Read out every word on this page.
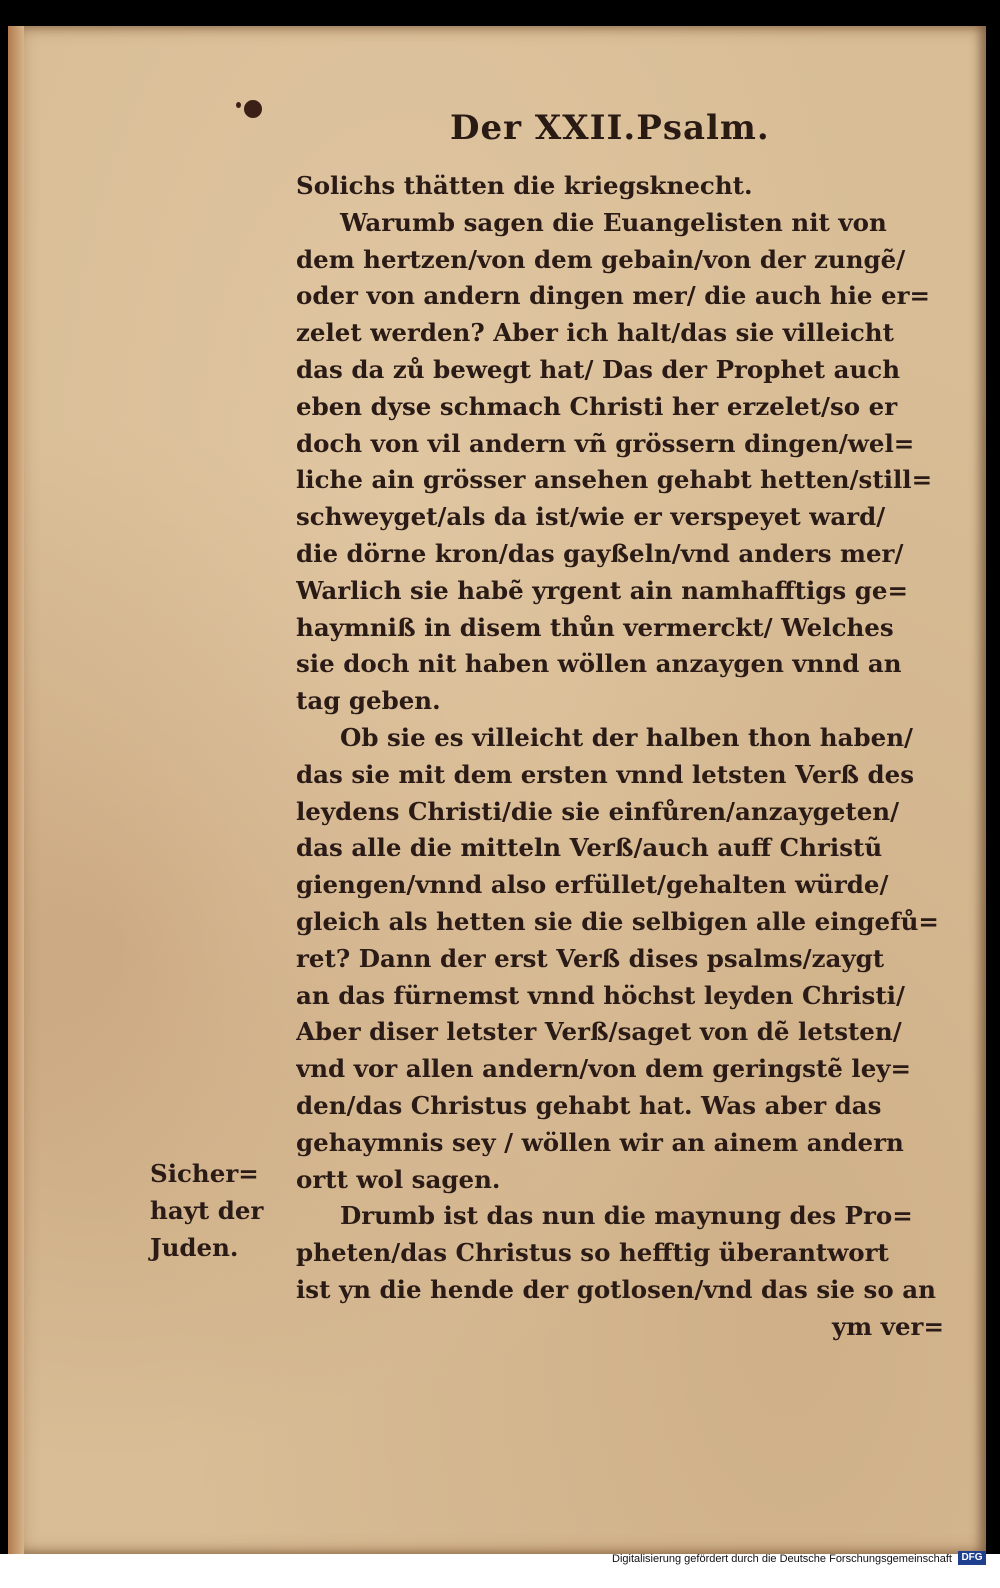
Der XXII.Psalm.
Solichs thätten die kriegsknecht.
Warumb sagen die Euangelisten nit von
dem hertzen/von dem gebain/von der zungẽ/
oder von andern dingen mer/ die auch hie er=
zelet werden? Aber ich halt/das sie villeicht
das da zů bewegt hat/ Das der Prophet auch
eben dyse schmach Christi her erzelet/so er
doch von vil andern vñ grössern dingen/wel=
liche ain grösser ansehen gehabt hetten/still=
schweyget/als da ist/wie er verspeyet ward/
die dörne kron/das gayßeln/vnd anders mer/
Warlich sie habẽ yrgent ain namhafftigs ge=
haymniß in disem thůn vermerckt/ Welches
sie doch nit haben wöllen anzaygen vnnd an
tag geben.
Ob sie es villeicht der halben thon haben/
das sie mit dem ersten vnnd letsten Verß des
leydens Christi/die sie einfůren/anzaygeten/
das alle die mitteln Verß/auch auff Christũ
giengen/vnnd also erfüllet/gehalten würde/
gleich als hetten sie die selbigen alle eingefů=
ret? Dann der erst Verß dises psalms/zaygt
an das fürnemst vnnd höchst leyden Christi/
Aber diser letster Verß/saget von dẽ letsten/
vnd vor allen andern/von dem geringstẽ ley=
den/das Christus gehabt hat. Was aber das
gehaymnis sey / wöllen wir an ainem andern
ortt wol sagen.
Drumb ist das nun die maynung des Pro=
pheten/das Christus so hefftig überantwort
ist yn die hende der gotlosen/vnd das sie so an
ym ver=
Sicher=
hayt der
Juden.
Digitalisierung gefördert durch die Deutsche Forschungsgemeinschaft DFG
